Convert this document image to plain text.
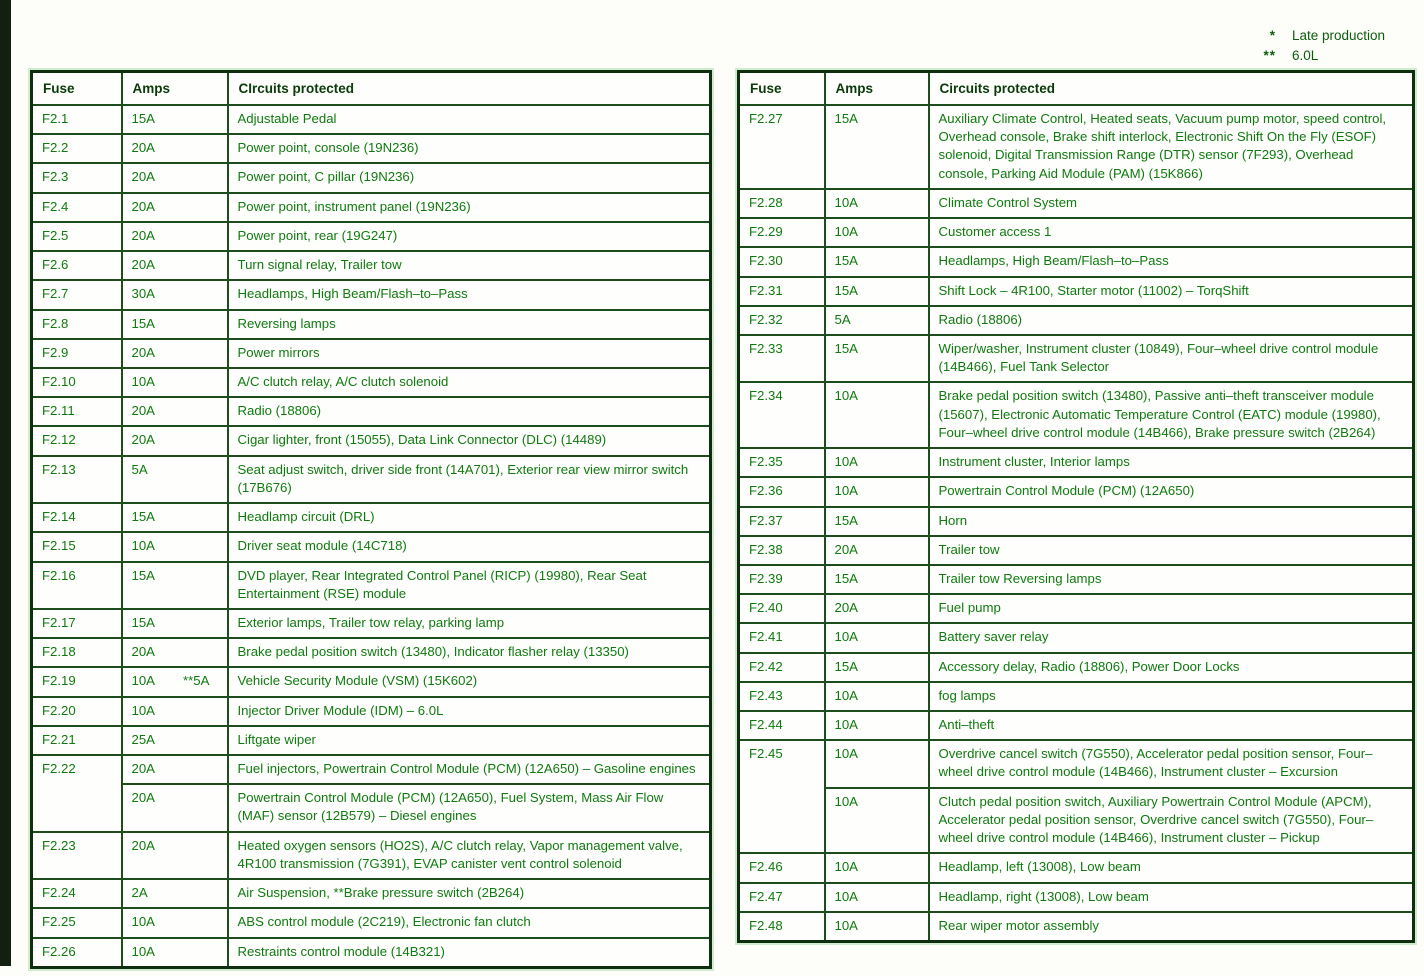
* Late production
** 6.0L
Fuse	Amps	CIrcuits protected
F2.1	15A	Adjustable Pedal
F2.2	20A	Power point, console (19N236)
F2.3	20A	Power point, C pillar (19N236)
F2.4	20A	Power point, instrument panel (19N236)
F2.5	20A	Power point, rear (19G247)
F2.6	20A	Turn signal relay, Trailer tow
F2.7	30A	Headlamps, High Beam/Flash–to–Pass
F2.8	15A	Reversing lamps
F2.9	20A	Power mirrors
F2.10	10A	A/C clutch relay, A/C clutch solenoid
F2.11	20A	Radio (18806)
F2.12	20A	Cigar lighter, front (15055), Data Link Connector (DLC) (14489)
F2.13	5A	Seat adjust switch, driver side front (14A701), Exterior rear view mirror switch (17B676)
F2.14	15A	Headlamp circuit (DRL)
F2.15	10A	Driver seat module (14C718)
F2.16	15A	DVD player, Rear Integrated Control Panel (RICP) (19980), Rear Seat Entertainment (RSE) module
F2.17	15A	Exterior lamps, Trailer tow relay, parking lamp
F2.18	20A	Brake pedal position switch (13480), Indicator flasher relay (13350)
F2.19	10A **5A	Vehicle Security Module (VSM) (15K602)
F2.20	10A	Injector Driver Module (IDM) – 6.0L
F2.21	25A	Liftgate wiper
F2.22	20A	Fuel injectors, Powertrain Control Module (PCM) (12A650) – Gasoline engines
	20A	Powertrain Control Module (PCM) (12A650), Fuel System, Mass Air Flow (MAF) sensor (12B579) – Diesel engines
F2.23	20A	Heated oxygen sensors (HO2S), A/C clutch relay, Vapor management valve, 4R100 transmission (7G391), EVAP canister vent control solenoid
F2.24	2A	Air Suspension, **Brake pressure switch (2B264)
F2.25	10A	ABS control module (2C219), Electronic fan clutch
F2.26	10A	Restraints control module (14B321)
Fuse	Amps	Circuits protected
F2.27	15A	Auxiliary Climate Control, Heated seats, Vacuum pump motor, speed control, Overhead console, Brake shift interlock, Electronic Shift On the Fly (ESOF) solenoid, Digital Transmission Range (DTR) sensor (7F293), Overhead console, Parking Aid Module (PAM) (15K866)
F2.28	10A	Climate Control System
F2.29	10A	Customer access 1
F2.30	15A	Headlamps, High Beam/Flash–to–Pass
F2.31	15A	Shift Lock – 4R100, Starter motor (11002) – TorqShift
F2.32	5A	Radio (18806)
F2.33	15A	Wiper/washer, Instrument cluster (10849), Four–wheel drive control module (14B466), Fuel Tank Selector
F2.34	10A	Brake pedal position switch (13480), Passive anti–theft transceiver module (15607), Electronic Automatic Temperature Control (EATC) module (19980), Four–wheel drive control module (14B466), Brake pressure switch (2B264)
F2.35	10A	Instrument cluster, Interior lamps
F2.36	10A	Powertrain Control Module (PCM) (12A650)
F2.37	15A	Horn
F2.38	20A	Trailer tow
F2.39	15A	Trailer tow Reversing lamps
F2.40	20A	Fuel pump
F2.41	10A	Battery saver relay
F2.42	15A	Accessory delay, Radio (18806), Power Door Locks
F2.43	10A	fog lamps
F2.44	10A	Anti–theft
F2.45	10A	Overdrive cancel switch (7G550), Accelerator pedal position sensor, Four–wheel drive control module (14B466), Instrument cluster – Excursion
	10A	Clutch pedal position switch, Auxiliary Powertrain Control Module (APCM), Accelerator pedal position sensor, Overdrive cancel switch (7G550), Four–wheel drive control module (14B466), Instrument cluster – Pickup
F2.46	10A	Headlamp, left (13008), Low beam
F2.47	10A	Headlamp, right (13008), Low beam
F2.48	10A	Rear wiper motor assembly
